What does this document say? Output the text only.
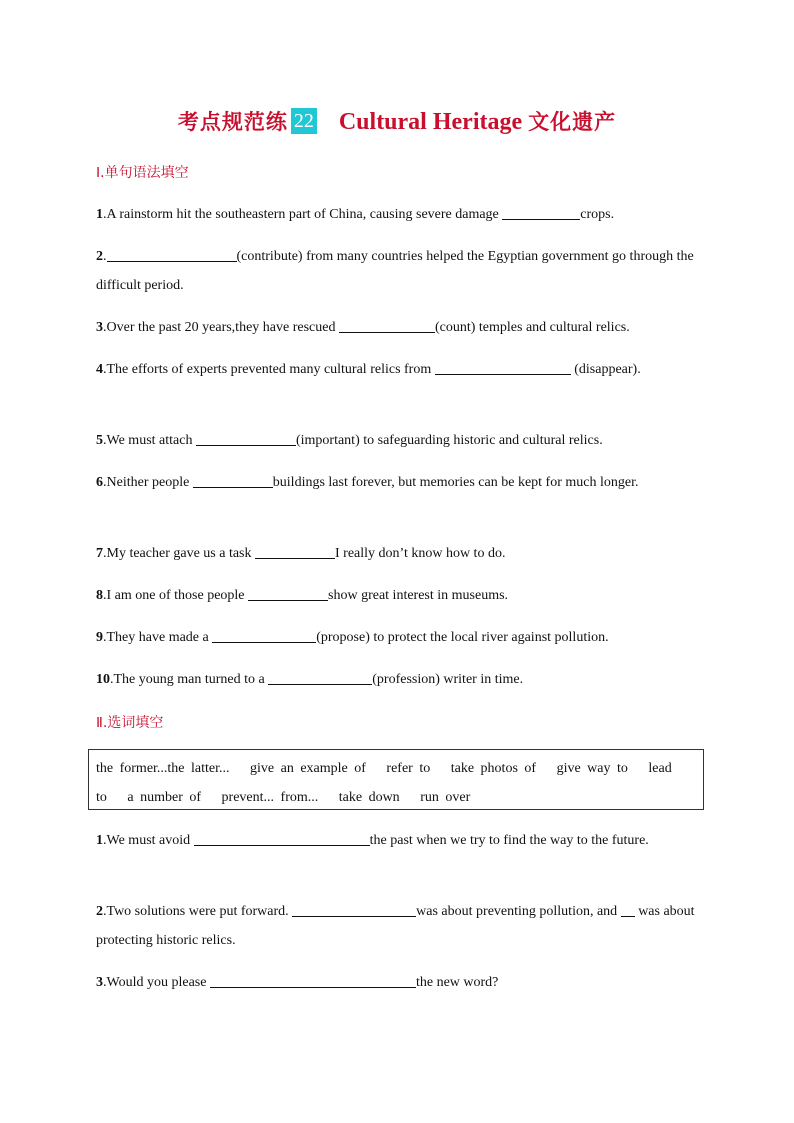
考点规范练 22 Cultural Heritage 文化遗产
Ⅰ.单句语法填空
1.A rainstorm hit the southeastern part of China, causing severe damage	crops.
2.	(contribute) from many countries helped the Egyptian government go through the difficult period.
3.Over the past 20 years,they have rescued	(count) temples and cultural relics.
4.The efforts of experts prevented many cultural relics from	(disappear).
5.We must attach	(important) to safeguarding historic and cultural relics.
6.Neither people	buildings last forever, but memories can be kept for much longer.
7.My teacher gave us a task	I really don’t know how to do.
8.I am one of those people	show great interest in museums.
9.They have made a	(propose) to protect the local river against pollution.
10.The young man turned to a	(profession) writer in time.
Ⅱ.选词填空
the former...the latter... give an example of refer to take photos of give way to lead to a number of prevent... from... take down run over
1.We must avoid	the past when we try to find the way to the future.
2.Two solutions were put forward.	was about preventing pollution, and  was about protecting historic relics.
3.Would you please	the new word?
